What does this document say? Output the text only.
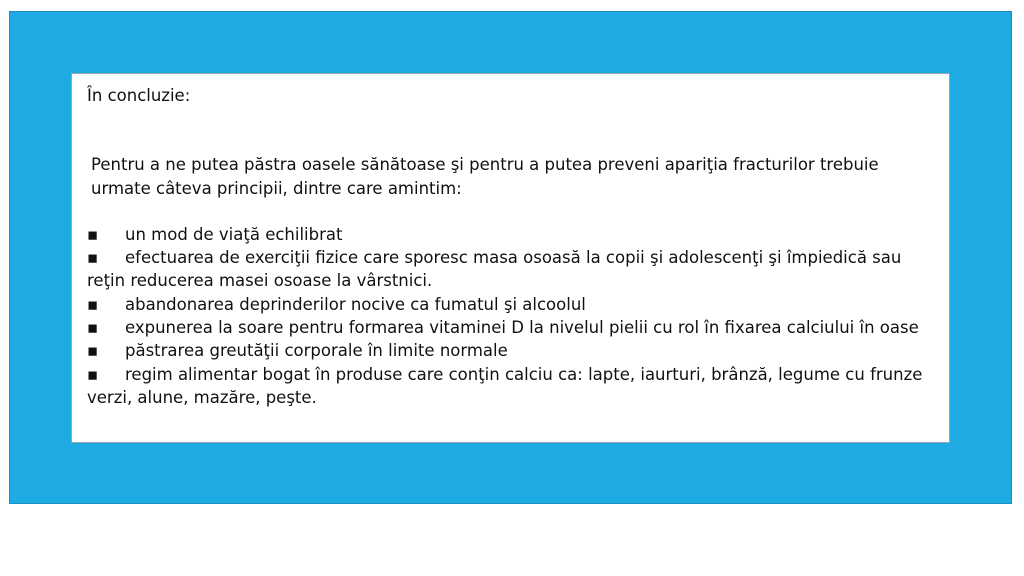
În concluzie:

Pentru a ne putea păstra oasele sănătoase şi pentru a putea preveni apariţia fracturilor trebuie urmate câteva principii, dintre care amintim:

▪ un mod de viaţă echilibrat
▪ efectuarea de exerciţii fizice care sporesc masa osoasă la copii şi adolescenţi şi împiedică sau reţin reducerea masei osoase la vârstnici.
▪ abandonarea deprinderilor nocive ca fumatul şi alcoolul
▪ expunerea la soare pentru formarea vitaminei D la nivelul pielii cu rol în fixarea calciului în oase
▪ păstrarea greutăţii corporale în limite normale
▪ regim alimentar bogat în produse care conţin calciu ca: lapte, iaurturi, brânză, legume cu frunze verzi, alune, mazăre, peşte.
